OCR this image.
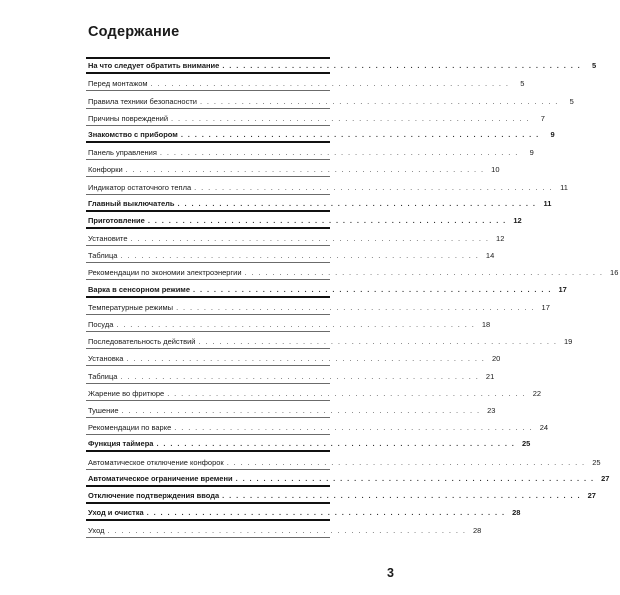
Содержание
На что следует обратить внимание . . . . . . . . . . . . . . . . . . . . . . . . . . . . . . . . . . . . . . . . . . . . . . . . . . . .	5
Перед монтажом . . . . . . . . . . . . . . . . . . . . . . . . . . . . . . . . . . . . . . . . . . . . . . . . . . . .	5
Правила техники безопасности . . . . . . . . . . . . . . . . . . . . . . . . . . . . . . . . . . . . . . . . . . . . . . . . . . . .	5
Причины повреждений . . . . . . . . . . . . . . . . . . . . . . . . . . . . . . . . . . . . . . . . . . . . . . . . . . . .	7
Знакомство с прибором . . . . . . . . . . . . . . . . . . . . . . . . . . . . . . . . . . . . . . . . . . . . . . . . . . . .	9
Панель управления . . . . . . . . . . . . . . . . . . . . . . . . . . . . . . . . . . . . . . . . . . . . . . . . . . . .	9
Конфорки . . . . . . . . . . . . . . . . . . . . . . . . . . . . . . . . . . . . . . . . . . . . . . . . . . . . 10
Индикатор остаточного тепла . . . . . . . . . . . . . . . . . . . . . . . . . . . . . . . . . . . . . . . . . . . . . . . . . . . . 11
Главный выключатель . . . . . . . . . . . . . . . . . . . . . . . . . . . . . . . . . . . . . . . . . . . . . . . . . . . . 11
Приготовление . . . . . . . . . . . . . . . . . . . . . . . . . . . . . . . . . . . . . . . . . . . . . . . . . . . . 12
Установите . . . . . . . . . . . . . . . . . . . . . . . . . . . . . . . . . . . . . . . . . . . . . . . . . . . . 12
Таблица . . . . . . . . . . . . . . . . . . . . . . . . . . . . . . . . . . . . . . . . . . . . . . . . . . . . 14
Рекомендации по экономии электроэнергии . . . . . . . . . . . . . . . . . . . . . . . . . . . . . . . . . . . . . . . . . . . . . . . . . . . . 16
Варка в сенсорном режиме . . . . . . . . . . . . . . . . . . . . . . . . . . . . . . . . . . . . . . . . . . . . . . . . . . . . 17
Температурные режимы . . . . . . . . . . . . . . . . . . . . . . . . . . . . . . . . . . . . . . . . . . . . . . . . . . . . 17
Посуда . . . . . . . . . . . . . . . . . . . . . . . . . . . . . . . . . . . . . . . . . . . . . . . . . . . . 18
Последовательность действий . . . . . . . . . . . . . . . . . . . . . . . . . . . . . . . . . . . . . . . . . . . . . . . . . . . . 19
Установка . . . . . . . . . . . . . . . . . . . . . . . . . . . . . . . . . . . . . . . . . . . . . . . . . . . . 20
Таблица . . . . . . . . . . . . . . . . . . . . . . . . . . . . . . . . . . . . . . . . . . . . . . . . . . . . 21
Жарение во фритюре . . . . . . . . . . . . . . . . . . . . . . . . . . . . . . . . . . . . . . . . . . . . . . . . . . . . 22
Тушение . . . . . . . . . . . . . . . . . . . . . . . . . . . . . . . . . . . . . . . . . . . . . . . . . . . . 23
Рекомендации по варке . . . . . . . . . . . . . . . . . . . . . . . . . . . . . . . . . . . . . . . . . . . . . . . . . . . . 24
Функция таймера . . . . . . . . . . . . . . . . . . . . . . . . . . . . . . . . . . . . . . . . . . . . . . . . . . . . 25
Автоматическое отключение конфорок . . . . . . . . . . . . . . . . . . . . . . . . . . . . . . . . . . . . . . . . . . . . . . . . . . . . 25
Автоматическое ограничение времени . . . . . . . . . . . . . . . . . . . . . . . . . . . . . . . . . . . . . . . . . . . . . . . . . . . . 27
Отключение подтверждения ввода . . . . . . . . . . . . . . . . . . . . . . . . . . . . . . . . . . . . . . . . . . . . . . . . . . . . 27
Уход и очистка . . . . . . . . . . . . . . . . . . . . . . . . . . . . . . . . . . . . . . . . . . . . . . . . . . . . 28
Уход . . . . . . . . . . . . . . . . . . . . . . . . . . . . . . . . . . . . . . . . . . . . . . . . . . . . 28
3
